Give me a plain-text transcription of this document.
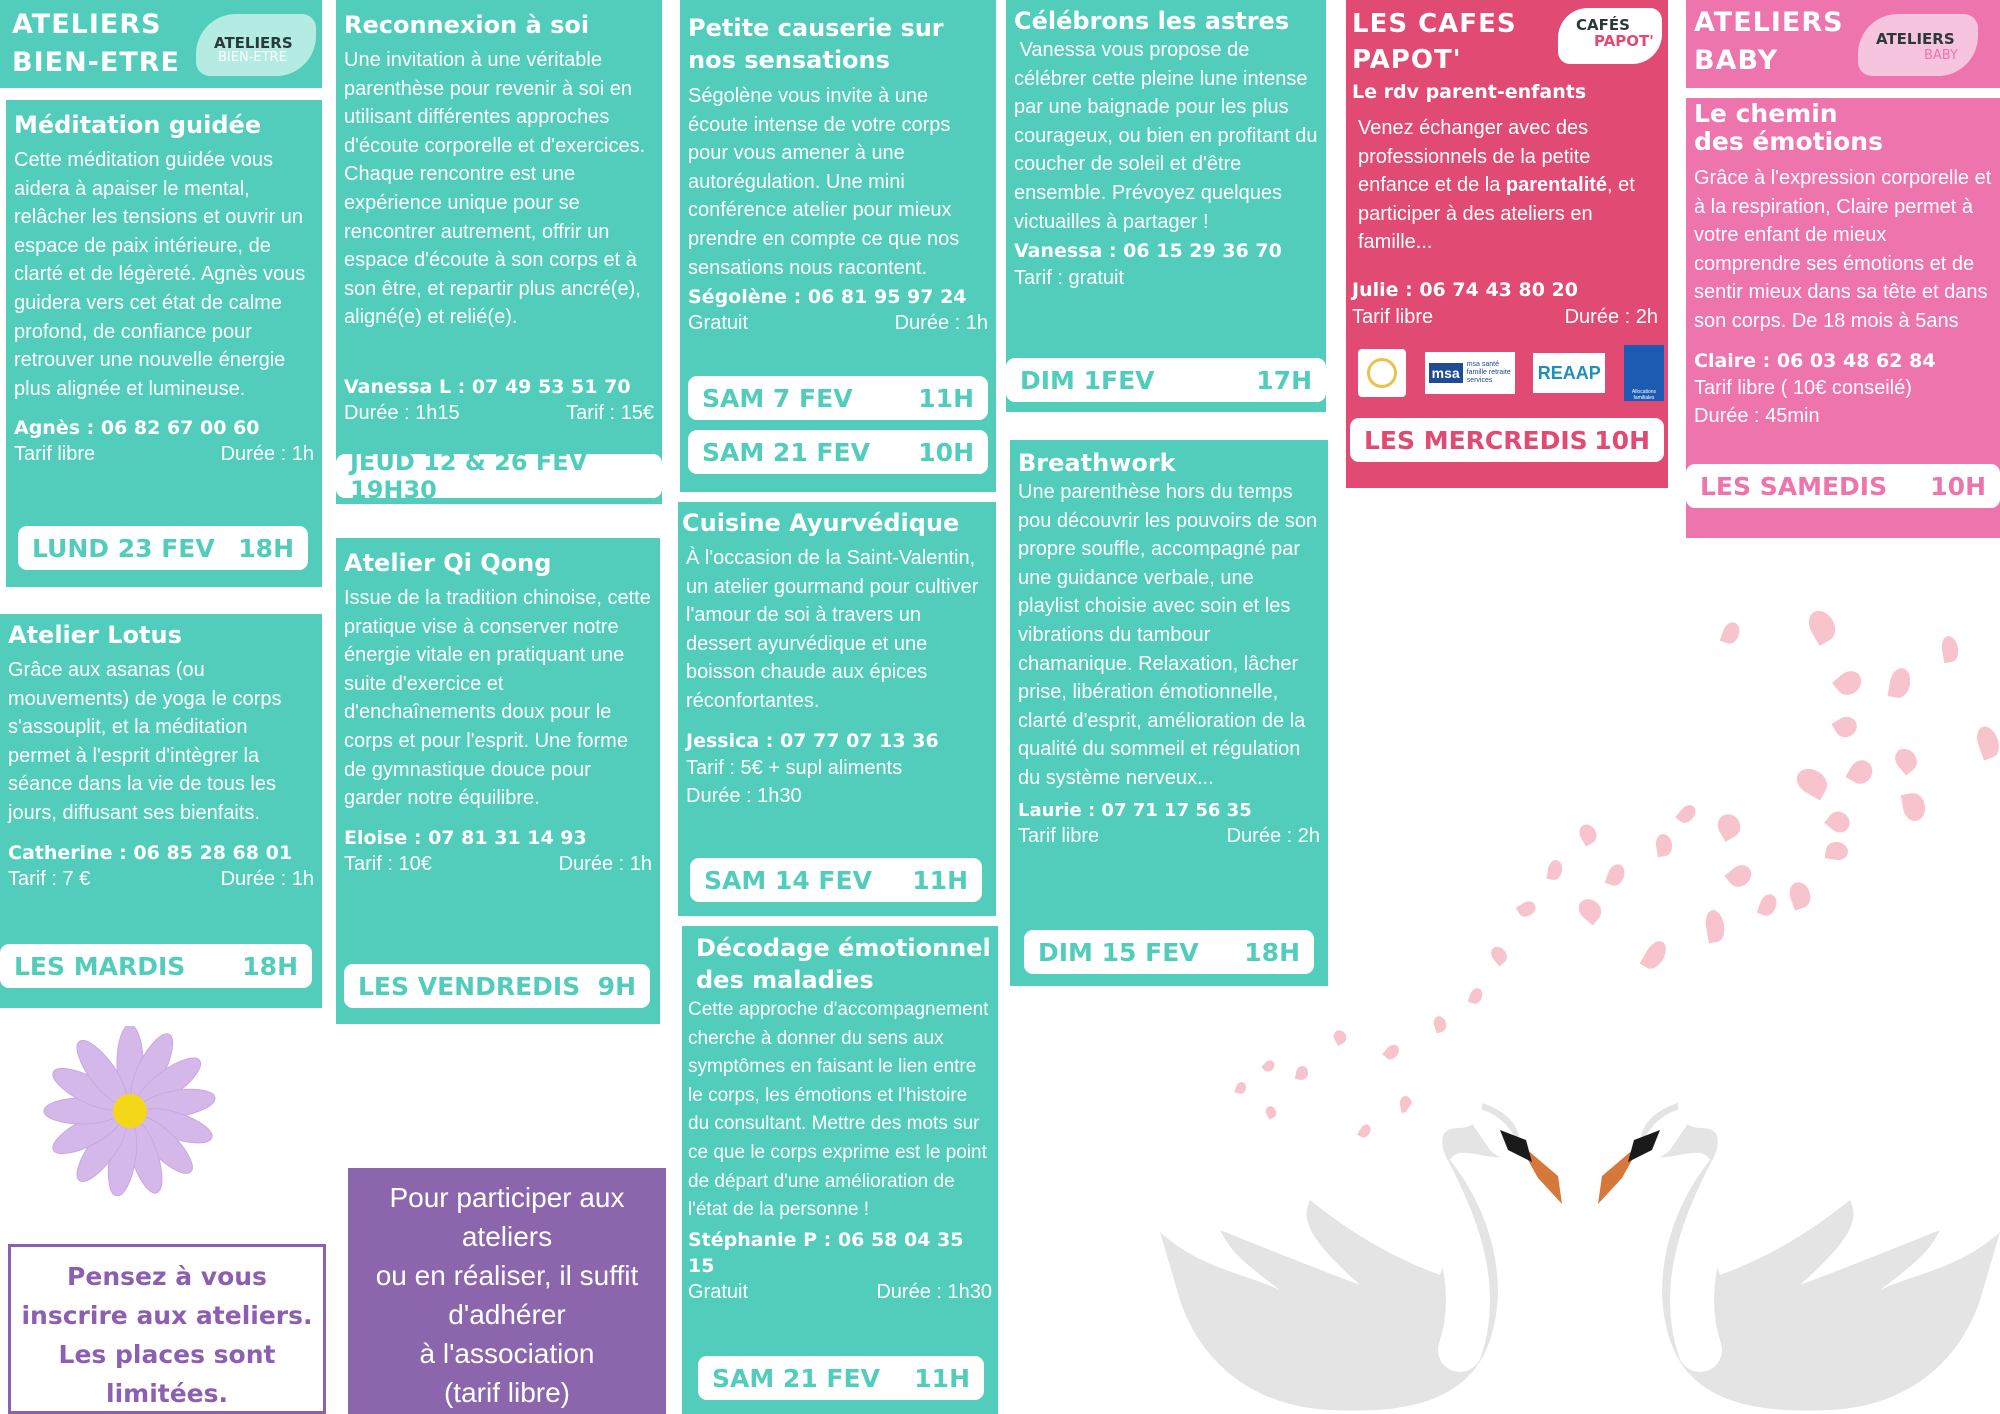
ATELIERS
BIEN-ETRE
ATELIERS
BIEN-ETRE
Méditation guidée
Cette méditation guidée vous aidera à apaiser le mental, relâcher les tensions et ouvrir un espace de paix intérieure, de clarté et de légèreté. Agnès vous guidera vers cet état de calme profond, de confiance pour retrouver une nouvelle énergie plus alignée et lumineuse.
Agnès : 06 82 67 00 60
Tarif libre	Durée : 1h
LUND 23 FEV 18H
Atelier Lotus
Grâce aux asanas (ou mouvements) de yoga le corps s'assouplit, et la méditation permet à l'esprit d'intègrer la séance dans la vie de tous les jours, diffusant ses bienfaits.
Catherine : 06 85 28 68 01
Tarif : 7 €	Durée : 1h
LES MARDIS 18H
Pensez à vous inscrire aux ateliers. Les places sont limitées.
Reconnexion à soi
Une invitation à une véritable parenthèse pour revenir à soi en utilisant différentes approches d'écoute corporelle et d'exercices. Chaque rencontre est une expérience unique pour se rencontrer autrement, offrir un espace d'écoute à son corps et à son être, et repartir plus ancré(e), aligné(e) et relié(e).
Vanessa L : 07 49 53 51 70
Durée : 1h15	Tarif : 15€
JEUD 12 & 26 FEV 19H30
Atelier Qi Qong
Issue de la tradition chinoise, cette pratique vise à conserver notre énergie vitale en pratiquant une suite d'exercice et d'enchaînements doux pour le corps et pour l'esprit. Une forme de gymnastique douce pour garder notre équilibre.
Eloise : 07 81 31 14 93
Tarif : 10€	Durée : 1h
LES VENDREDIS 9H
Pour participer aux ateliers
ou en réaliser, il suffit d'adhérer
à l'association
(tarif libre)
Petite causerie sur nos sensations
Ségolène vous invite à une écoute intense de votre corps pour vous amener à une autorégulation. Une mini conférence atelier pour mieux prendre en compte ce que nos sensations nous racontent.
Ségolène : 06 81 95 97 24
Gratuit	Durée : 1h
SAM 7 FEV	11H
SAM 21 FEV 10H
Cuisine Ayurvédique
À l'occasion de la Saint-Valentin, un atelier gourmand pour cultiver l'amour de soi à travers un dessert ayurvédique et une boisson chaude aux épices réconfortantes.
Jessica : 07 77 07 13 36
Tarif : 5€ + supl aliments
Durée : 1h30
SAM 14 FEV 11H
Décodage émotionnel des maladies
Cette approche d'accompagnement cherche à donner du sens aux symptômes en faisant le lien entre le corps, les émotions et l'histoire du consultant. Mettre des mots sur ce que le corps exprime est le point de départ d'une amélioration de l'état de la personne !
Stéphanie P : 06 58 04 35 15
Gratuit	Durée : 1h30
SAM 21 FEV 11H
Célébrons les astres
Vanessa vous propose de célébrer cette pleine lune intense par une baignade pour les plus courageux, ou bien en profitant du coucher de soleil et d'être ensemble. Prévoyez quelques victuailles à partager !
Vanessa : 06 15 29 36 70
Tarif : gratuit
DIM 1FEV	17H
Breathwork
Une parenthèse hors du temps pou découvrir les pouvoirs de son propre souffle, accompagné par une guidance verbale, une playlist choisie avec soin et les vibrations du tambour chamanique. Relaxation, lâcher prise, libération émotionnelle, clarté d'esprit, amélioration de la qualité du sommeil et régulation du système nerveux...
Laurie : 07 71 17 56 35
Tarif libre	Durée : 2h
DIM 15 FEV 18H
LES CAFES
PAPOT'
CAFÉS
PAPOT'
Le rdv parent-enfants
Venez échanger avec des professionnels de la petite enfance et de la parentalité, et participer à des ateliers en famille...
Julie : 06 74 43 80 20
Tarif libre	Durée : 2h
msa
msa santé famille retraite services	REAAP
Allocations familiales
LES MERCREDIS 10H
ATELIERS
BABY
ATELIERS
BABY
Le chemin
des émotions
Grâce à l'expression corporelle et à la respiration, Claire permet à votre enfant de mieux comprendre ses émotions et de sentir mieux dans sa tête et dans son corps. De 18 mois à 5ans
Claire : 06 03 48 62 84
Tarif libre ( 10€ conseilé)
Durée : 45min
LES SAMEDIS 10H
